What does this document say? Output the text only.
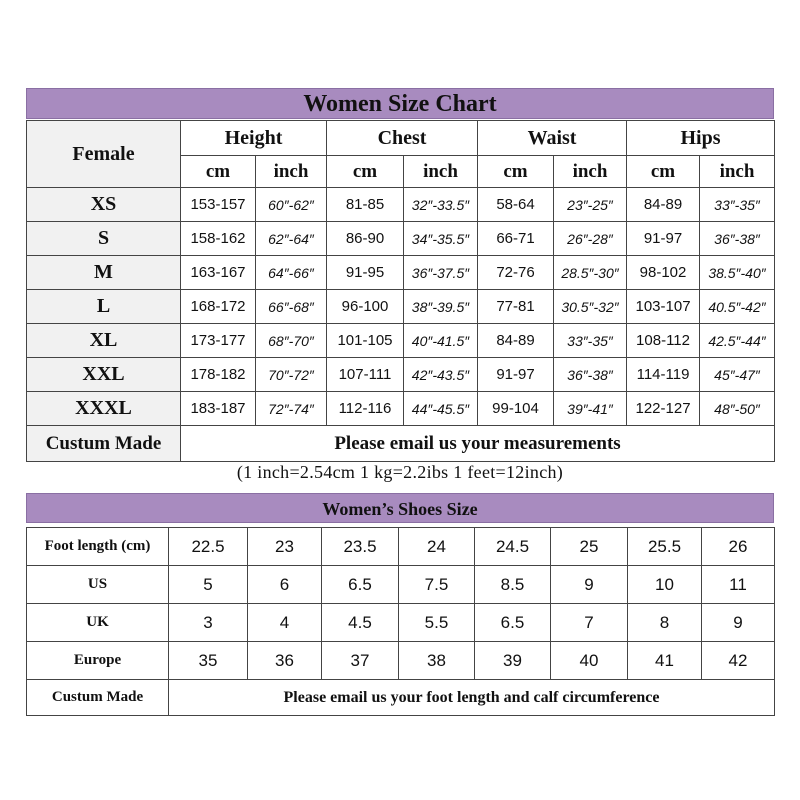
Women Size Chart
Female	Height		Chest		Waist		Hips	
	cm	inch	cm	inch	cm	inch	cm	inch
XS	153-157	60″-62″	81-85	32″-33.5″	58-64	23″-25″	84-89	33″-35″
S	158-162	62″-64″	86-90	34″-35.5″	66-71	26″-28″	91-97	36″-38″
M	163-167	64″-66″	91-95	36″-37.5″	72-76	28.5″-30″	98-102	38.5″-40″
L	168-172	66″-68″	96-100	38″-39.5″	77-81	30.5″-32″	103-107	40.5″-42″
XL	173-177	68″-70″	101-105	40″-41.5″	84-89	33″-35″	108-112	42.5″-44″
XXL	178-182	70″-72″	107-111	42″-43.5″	91-97	36″-38″	114-119	45″-47″
XXXL	183-187	72″-74″	112-116	44″-45.5″	99-104	39″-41″	122-127	48″-50″
Custum Made	Please email us your measurements							
(1 inch=2.54cm 1 kg=2.2ibs 1 feet=12inch)
Women’s Shoes Size
Foot length (cm)	22.5	23	23.5	24	24.5	25	25.5	26
US	5	6	6.5	7.5	8.5	9	10	11
UK	3	4	4.5	5.5	6.5	7	8	9
Europe	35	36	37	38	39	40	41	42
Custum Made	Please email us your foot length and calf circumference							
